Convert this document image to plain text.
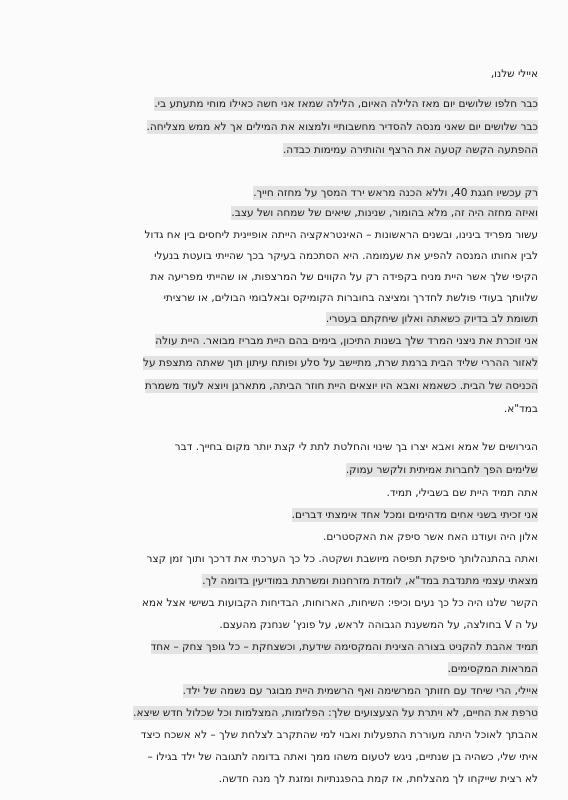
איילי שלנו,
כבר חלפו שלושים יום מאז הלילה האיום, הלילה שמאז אני חשה כאילו מוחי מתעתע בי.
כבר שלושים יום שאני מנסה להסדיר מחשבותיי ולמצוא את המילים אך לא ממש מצליחה.
ההפתעה הקשה קטעה את הרצף והותירה עמימות כבדה.
רק עכשיו חגגת 40, וללא הכנה מראש ירד המסך על מחזה חייך.
ואיזה מחזה היה זה, מלא בהומור, שנינות, שיאים של שמחה ושל עצב.
עשור מפריד בינינו, ובשנים הראשונות – האינטראקציה הייתה אופיינית ליחסים בין אח גדול
לבין אחותו המנסה להפיע את שעמומה. היא הסתכמה בעיקר בכך שהייתי בועטת בנעלי
הקיפי שלך אשר היית מניח בקפידה רק על הקווים של המרצפות, או שהייתי מפריעה את
שלוותך בעודי פולשת לחדרך ומציצה בחוברות הקומיקס ובאלבומי הבולים, או שרציתי
תשומת לב בדיוק כשאתה ואלון שיחקתם בעטרי.
אני זוכרת את ניצני המרד שלך בשנות התיכון, בימים בהם היית מבריז מבואר. היית עולה
לאזור ההררי שליד הבית ברמת שרת, מתיישב על סלע ופותח עיתון תוך שאתה מתצפת על
הכניסה של הבית. כשאמא ואבא היו יוצאים היית חוזר הביתה, מתארגן ויוצא לעוד משמרת
במד"א.
הגירושים של אמא ואבא יצרו בך שינוי והחלטת לתת לי קצת יותר מקום בחייך. דבר
שלימים הפך לחברות אמיתית ולקשר עמוק.
אתה תמיד היית שם בשבילי, תמיד.
אני זכיתי בשני אחים מדהימים ומכל אחד אימצתי דברים.
אלון היה ועודנו האח אשר סיפק את האקסטרים.
ואתה בהתנהלותך סיפקת תפיסה מיושבת ושקטה. כל כך הערכתי את דרכך ותוך זמן קצר
מצאתי עצמי מתנדבת במד"א, לומדת מזרחנות ומשרתת במודיעין בדומה לך.
הקשר שלנו היה כל כך נעים וכיפי: השיחות, הארוחות, הבדיחות הקבועות בשישי אצל אמא
על ה V בחולצה, על המשענת הגבוהה לראש, על פונץ' שנחנק מהעצם.
תמיד אהבת להקניט בצורה הצינית והמקסימה שידעת, וכשצחקת – כל גופך צחק – אחד
המראות המקסימים.
איילי, הרי שיחד עם חזותך המרשימה ואף הרשמית היית מבוגר עם נשמה של ילד.
טרפת את החיים, לא ויתרת על הצעצועים שלך: הפלזמות, המצלמות וכל שכלול חדש שיצא.
אהבתך לאוכל היתה מעוררת התפעלות ואבוי למי שהתקרב לצלחת שלך – לא אשכח כיצד
איתי שלי, כשהיה בן שנתיים, ניגש לטעום משהו ממך ואתה בדומה לתגובה של ילד בגילו –
לא רצית שייקחו לך מהצלחת, אז קמת בהפגנתיות ומזגת לך מנה חדשה.
